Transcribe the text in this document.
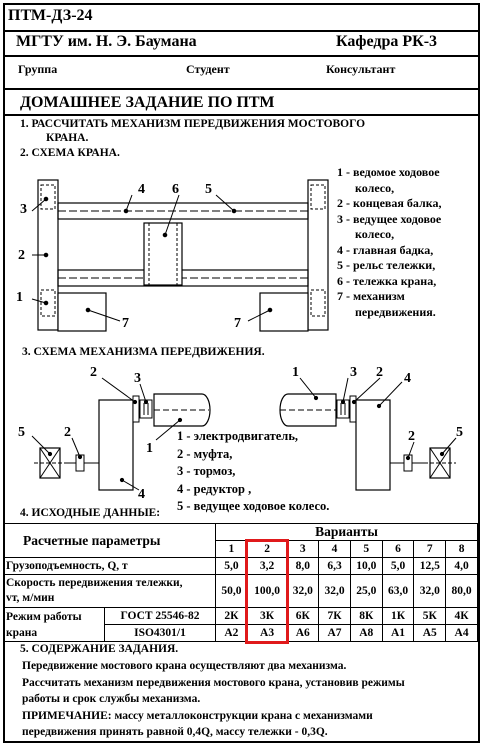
ПТМ-ДЗ-24
МГТУ им. Н. Э. Баумана	Кафедра РК-3
Группа	Студент	Консультант
ДОМАШНЕЕ ЗАДАНИЕ ПО ПТМ
1. РАССЧИТАТЬ МЕХАНИЗМ ПЕРЕДВИЖЕНИЯ МОСТОВОГО
КРАНА.
2. СХЕМА КРАНА.
3
2
1
4 6 5
7	7
1 - ведомое ходовое
колесо,
2 - концевая балка,
3 - ведущее ходовое
колесо,
4 - главная бадка,
5 - рельс тележки,
6 - тележка крана,
7 - механизм
передвижения.
3. СХЕМА МЕХАНИЗМА ПЕРЕДВИЖЕНИЯ.
2	3
1
5	2
4
1	3 2 4
2	5
1 - электродвигатель,
2 - муфта,
3 - тормоз,
4 - редуктор ,
5 - ведущее ходовое колесо.
4. ИСХОДНЫЕ ДАННЫЕ:
Расчетные параметры		Варианты							
		1	2	3	4	5	6	7	8
Грузоподъемность, Q, т		5,0	3,2	8,0	6,3	10,0	5,0	12,5	4,0

Скорость передвижения тележки,
vт, м/мин		50,0	100,0	32,0	32,0	25,0	63,0	32,0	80,0

Режим работы
крана	ГОСТ 25546-82	2К	3К	6К	7К	8К	1К	5К	4К
	ISO4301/1	А2	А3	А6	А7	А8	А1	А5	А4
5. СОДЕРЖАНИЕ ЗАДАНИЯ.
Передвижение мостового крана осуществляют два механизма.
Рассчитать механизм передвижения мостового крана, установив режимы
работы и срок службы механизма.
ПРИМЕЧАНИЕ: массу металлоконструкции крана с механизмами
передвижения принять равной 0,4Q, массу тележки - 0,3Q.
